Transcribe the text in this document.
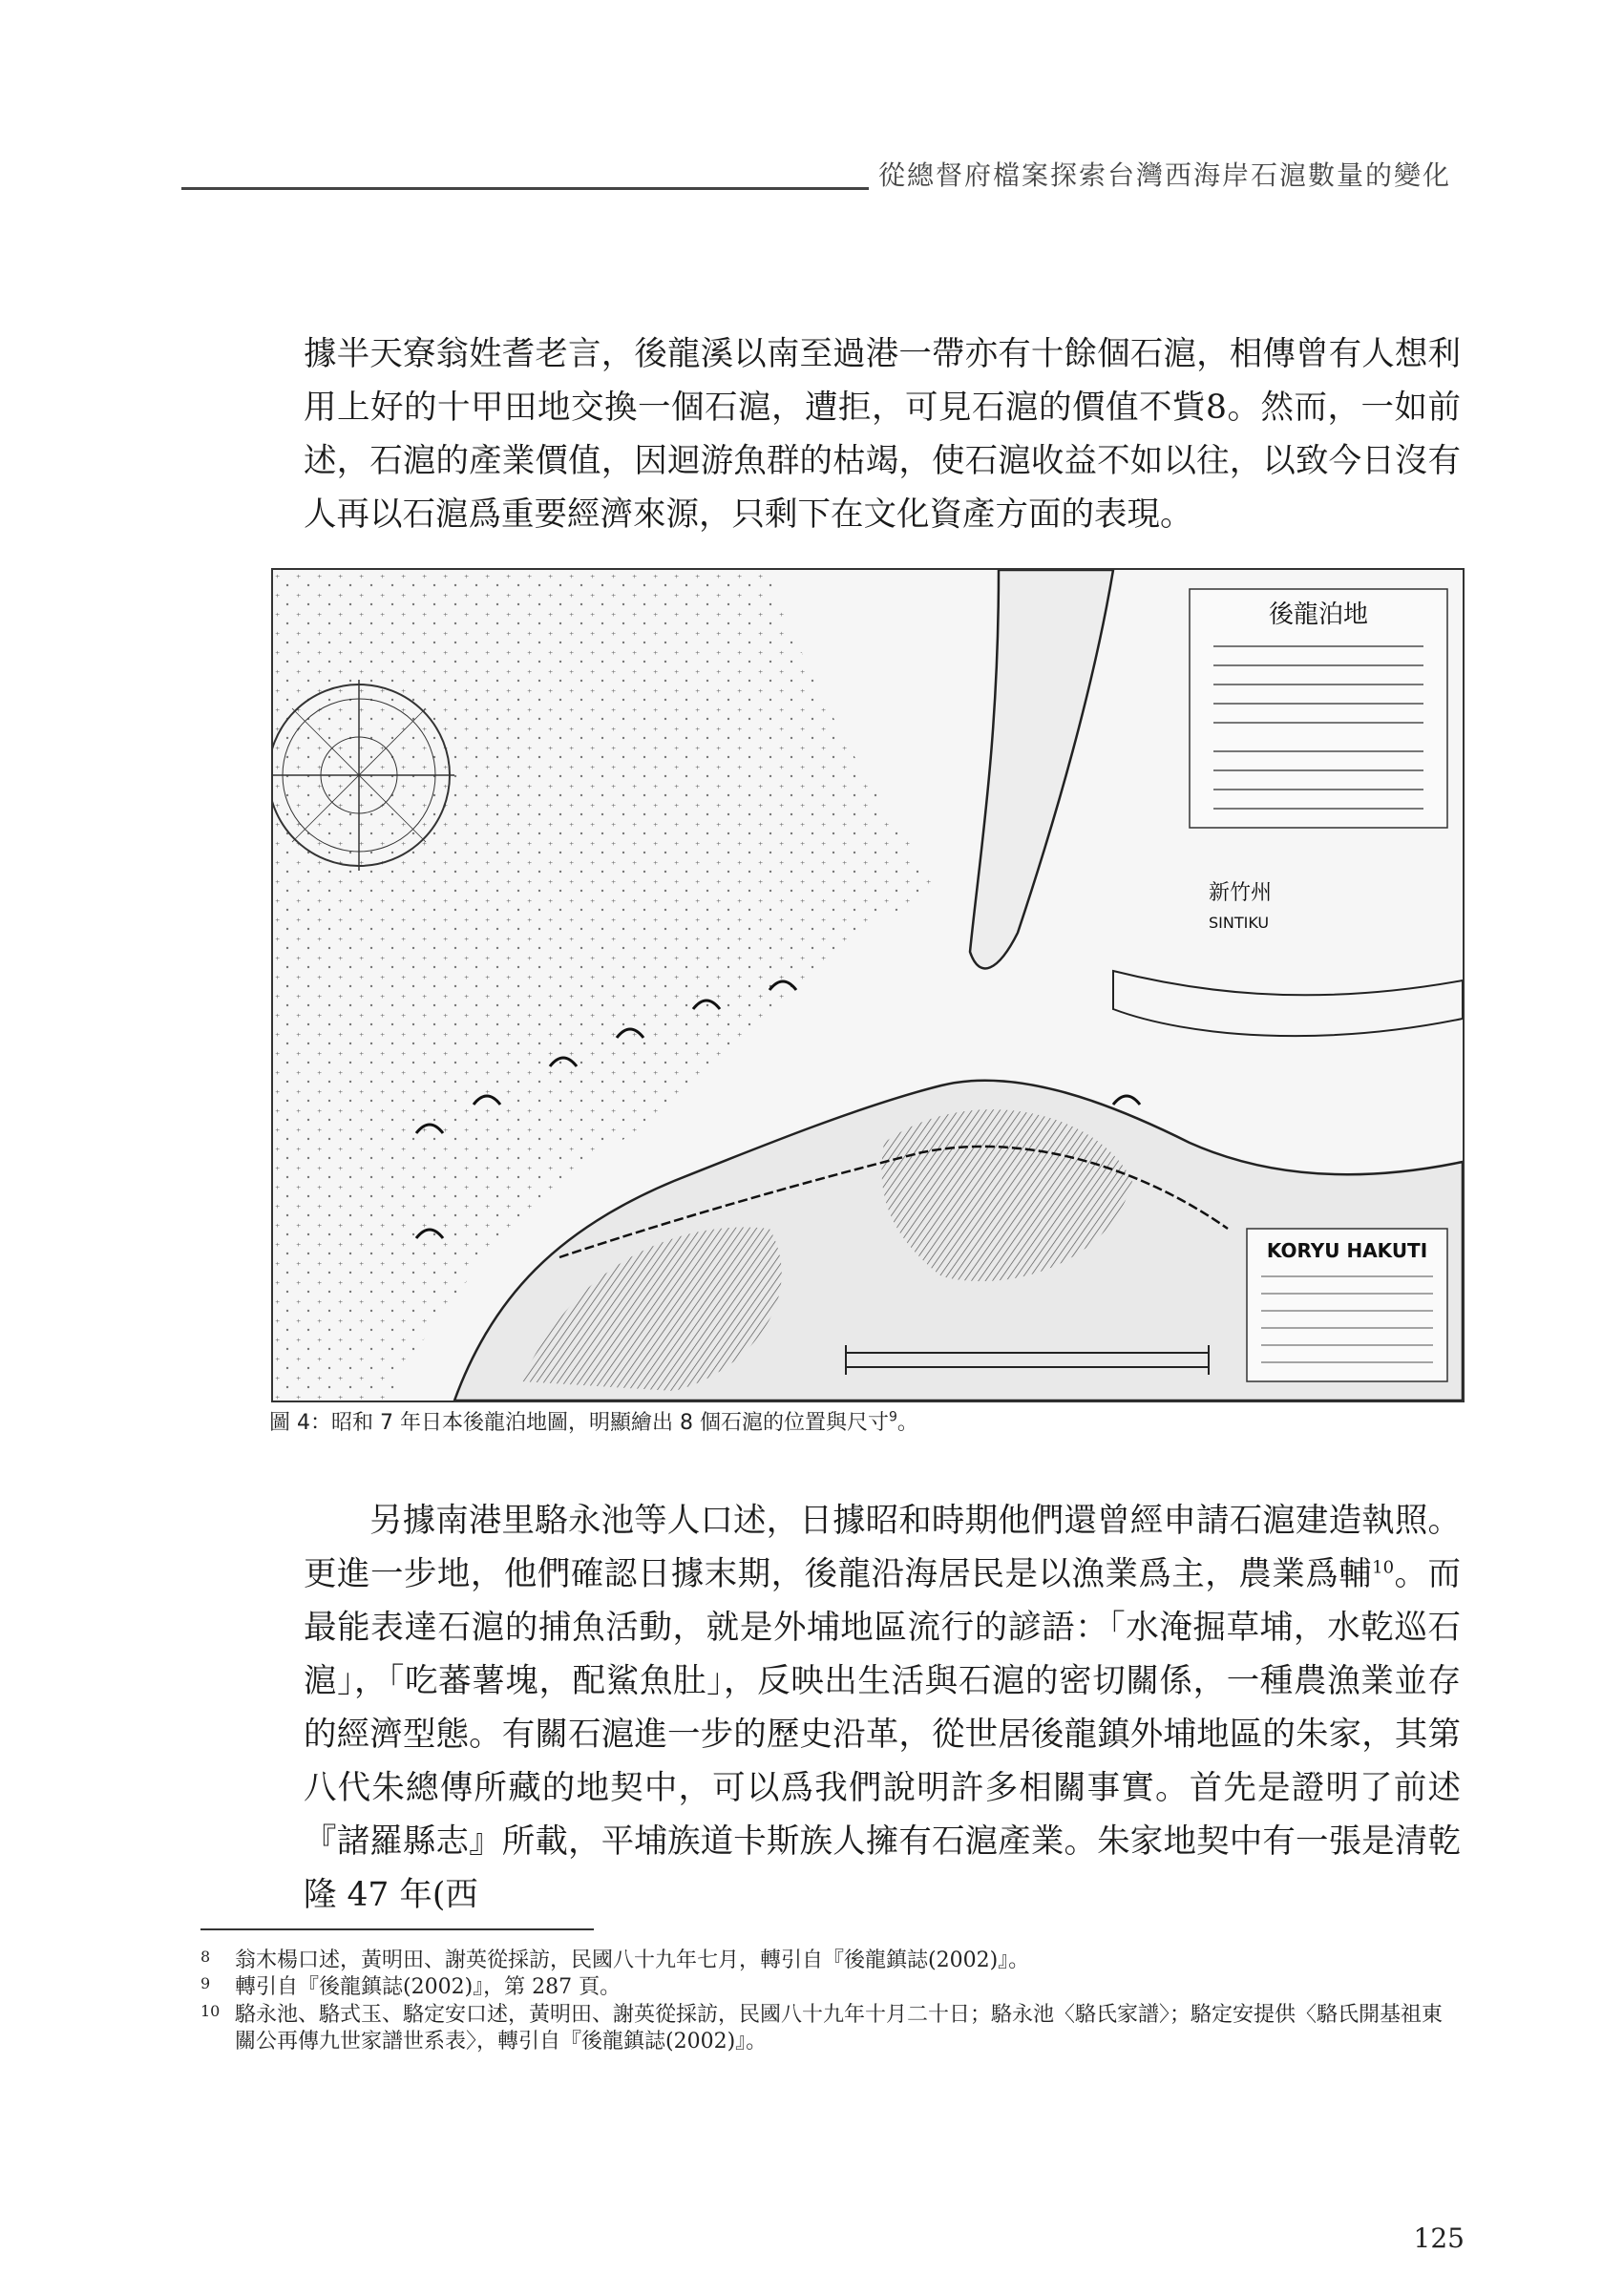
從總督府檔案探索台灣西海岸石滬數量的變化

據半天寮翁姓耆老言，後龍溪以南至過港一帶亦有十餘個石滬，相傳曾有人想利用上好的十甲田地交換一個石滬，遭拒，可見石滬的價值不貲8。然而，一如前述，石滬的產業價值，因迴游魚群的枯竭，使石滬收益不如以往，以致今日沒有人再以石滬爲重要經濟來源，只剩下在文化資產方面的表現。

後龍泊地
新竹州
SINTIKU
KORYU HAKUTI
圖 4：昭和 7 年日本後龍泊地圖，明顯繪出 8 個石滬的位置與尺寸$^9$。

另據南港里駱永池等人口述，日據昭和時期他們還曾經申請石滬建造執照。更進一步地，他們確認日據末期，後龍沿海居民是以漁業爲主，農業爲輔$^{10}$。而最能表達石滬的捕魚活動，就是外埔地區流行的諺語：「水淹掘草埔，水乾巡石滬」，「吃蕃薯塊，配鯊魚肚」，反映出生活與石滬的密切關係，一種農漁業並存的經濟型態。有關石滬進一步的歷史沿革，從世居後龍鎮外埔地區的朱家，其第八代朱總傳所藏的地契中，可以爲我們說明許多相關事實。首先是證明了前述『諸羅縣志』所載，平埔族道卡斯族人擁有石滬產業。朱家地契中有一張是清乾隆 47 年(西

8 翁木楊口述，黃明田、謝英從採訪，民國八十九年七月，轉引自『後龍鎮誌(2002)』。
9 轉引自『後龍鎮誌(2002)』，第 287 頁。
10 駱永池、駱式玉、駱定安口述，黃明田、謝英從採訪，民國八十九年十月二十日；駱永池〈駱氏家譜〉；駱定安提供〈駱氏開基祖東關公再傳九世家譜世系表〉，轉引自『後龍鎮誌(2002)』。
125
